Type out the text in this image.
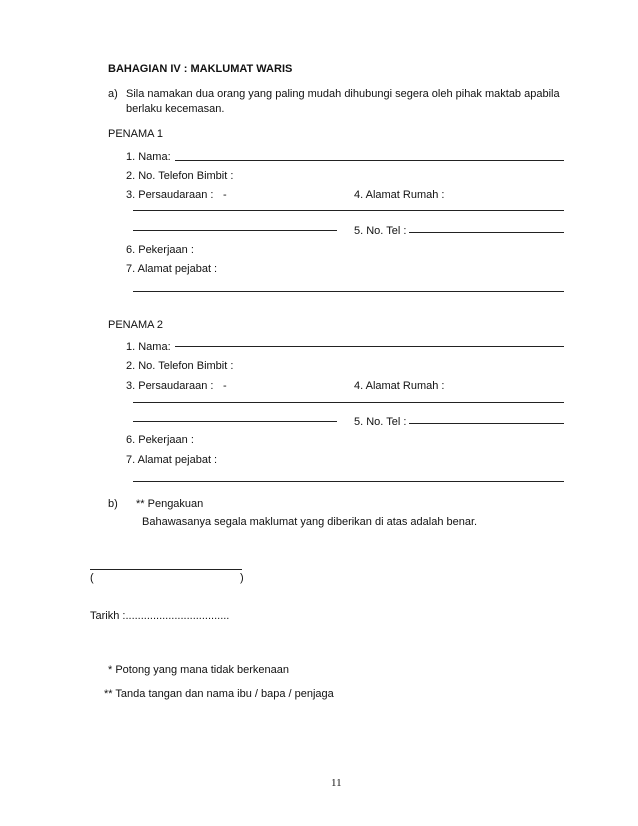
BAHAGIAN IV : MAKLUMAT WARIS
a) Sila namakan dua orang yang paling mudah dihubungi segera oleh pihak maktab apabila
berlaku kecemasan.
PENAMA 1
1. Nama:
2. No. Telefon Bimbit :
3. Persaudaraan : -	4. Alamat Rumah :
5. No. Tel :
6. Pekerjaan :
7. Alamat pejabat :
PENAMA 2
1. Nama:
2. No. Telefon Bimbit :
3. Persaudaraan : -	4. Alamat Rumah :
5. No. Tel :
6. Pekerjaan :
7. Alamat pejabat :
b) ** Pengakuan
Bahawasanya segala maklumat yang diberikan di atas adalah benar.
(	)
Tarikh :..................................
* Potong yang mana tidak berkenaan
** Tanda tangan dan nama ibu / bapa / penjaga
11
